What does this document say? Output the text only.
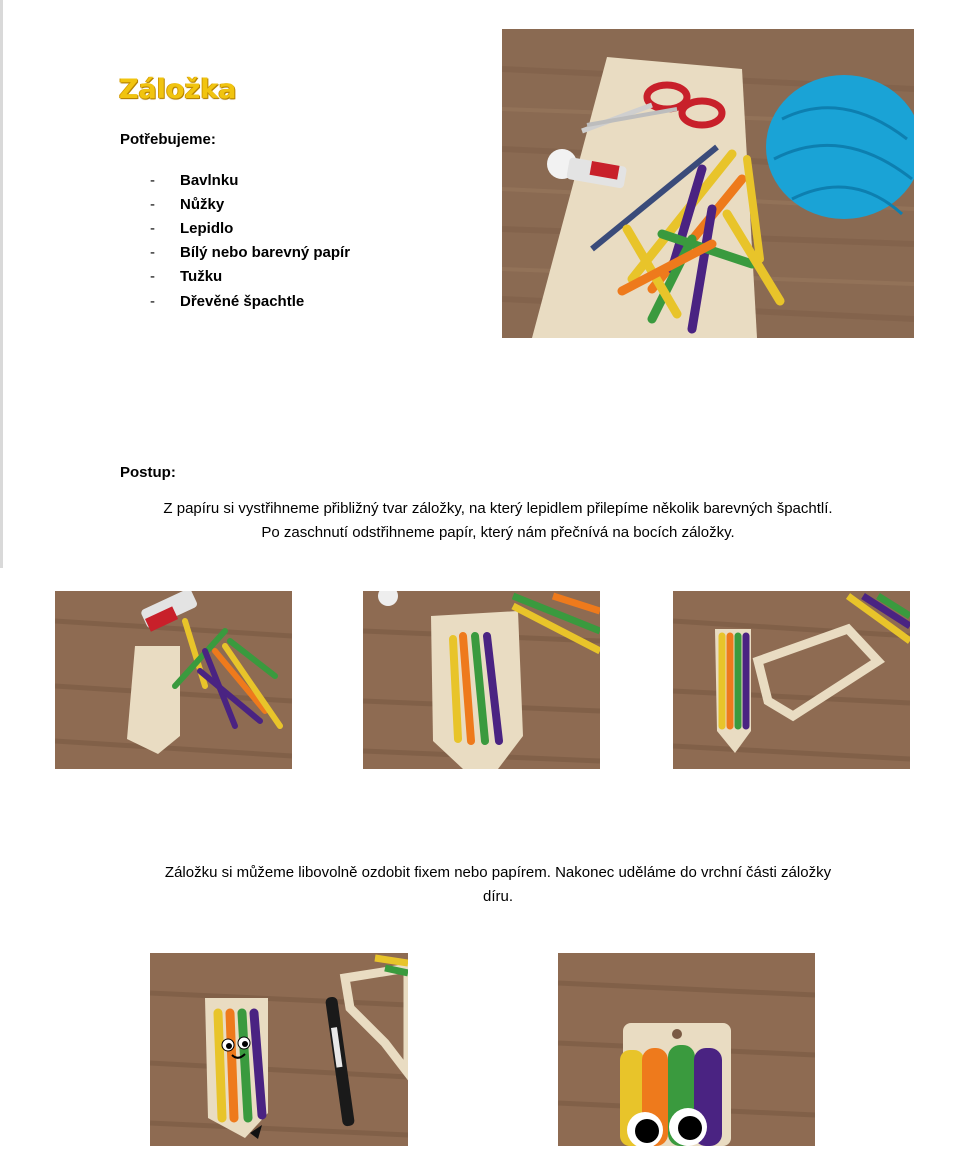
Záložka
Potřebujeme:
-	Bavlnku
-	Nůžky
-	Lepidlo
-	Bílý nebo barevný papír
-	Tužku
-	Dřevěné špachtle
Postup:

Z papíru si vystřihneme přibližný tvar záložky, na který lepidlem přilepíme několik barevných špachtlí.
Po zaschnutí odstřihneme papír, který nám přečnívá na bocích záložky.

Záložku si můžeme libovolně ozdobit fixem nebo papírem. Nakonec uděláme do vrchní části záložky
díru.
